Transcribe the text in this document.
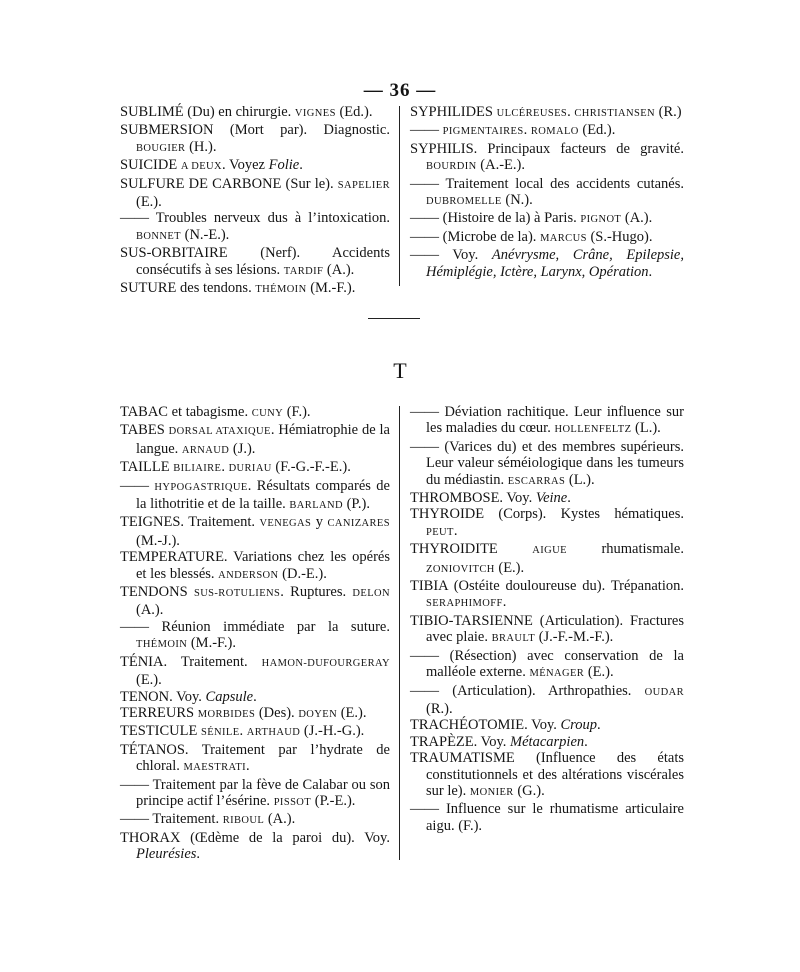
— 36 —
SUBLIMÉ (Du) en chirurgie. VIGNES (Ed.).
SUBMERSION (Mort par). Diagnostic. BOUGIER (H.).
SUICIDE A DEUX. Voyez Folie.
SULFURE DE CARBONE (Sur le). SAPELIER (E.).
—— Troubles nerveux dus à l’intoxication. BONNET (N.-E.).
SUS-ORBITAIRE (Nerf). Accidents consécutifs à ses lésions. TARDIF (A.).
SUTURE des tendons. THÉMOIN (M.-F.).
SYPHILIDES ULCÉREUSES. CHRISTIANSEN (R.)
—— PIGMENTAIRES. ROMALO (Ed.).
SYPHILIS. Principaux facteurs de gravité. BOURDIN (A.-E.).
—— Traitement local des accidents cutanés. DUBROMELLE (N.).
—— (Histoire de la) à Paris. PIGNOT (A.).
—— (Microbe de la). MARCUS (S.-Hugo).
—— Voy. Anévrysme, Crâne, Epilepsie, Hémiplégie, Ictère, Larynx, Opération.
T
TABAC et tabagisme. CUNY (F.).
TABES DORSAL ATAXIQUE. Hémiatrophie de la langue. ARNAUD (J.).
TAILLE BILIAIRE. DURIAU (F.-G.-F.-E.).
—— HYPOGASTRIQUE. Résultats comparés de la lithotritie et de la taille. BARLAND (P.).
TEIGNES. Traitement. VENEGAS y CANIZARES (M.-J.).
TEMPERATURE. Variations chez les opérés et les blessés. ANDERSON (D.-E.).
TENDONS SUS-ROTULIENS. Ruptures. DELON (A.).
—— Réunion immédiate par la suture. THÉMOIN (M.-F.).
TÉNIA. Traitement. HAMON-DUFOURGERAY (E.).
TENON. Voy. Capsule.
TERREURS MORBIDES (Des). DOYEN (E.).
TESTICULE SÉNILE. ARTHAUD (J.-H.-G.).
TÉTANOS. Traitement par l’hydrate de chloral. MAESTRATI.
—— Traitement par la fève de Calabar ou son principe actif l’ésérine. PISSOT (P.-E.).
—— Traitement. RIBOUL (A.).
THORAX (Œdème de la paroi du). Voy. Pleurésies.
—— Déviation rachitique. Leur influence sur les maladies du cœur. HOLLENFELTZ (L.).
—— (Varices du) et des membres supérieurs. Leur valeur séméiologique dans les tumeurs du médiastin. ESCARRAS (L.).
THROMBOSE. Voy. Veine.
THYROIDE (Corps). Kystes hématiques. PEUT.
THYROIDITE AIGUE rhumatismale. ZONIOVITCH (E.).
TIBIA (Ostéite douloureuse du). Trépanation. SERAPHIMOFF.
TIBIO-TARSIENNE (Articulation). Fractures avec plaie. BRAULT (J.-F.-M.-F.).
—— (Résection) avec conservation de la malléole externe. MÉNAGER (E.).
—— (Articulation). Arthropathies. OUDAR (R.).
TRACHÉOTOMIE. Voy. Croup.
TRAPÈZE. Voy. Métacarpien.
TRAUMATISME (Influence des états constitutionnels et des altérations viscérales sur le). MONIER (G.).
—— Influence sur le rhumatisme articulaire aigu. (F.).
